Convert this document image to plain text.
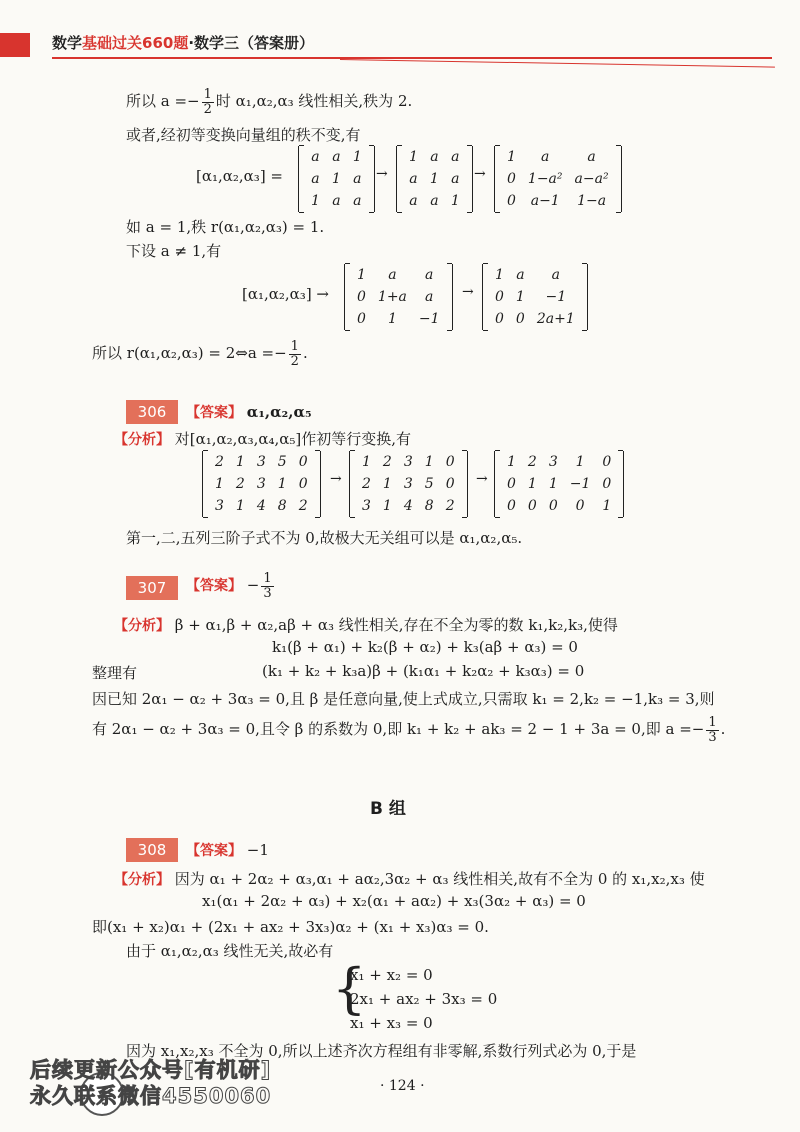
数学基础过关660题·数学三（答案册）
所以 $a =- \frac{1}{2}$ 时 α₁,α₂,α₃ 线性相关,秩为 2.
或者,经初等变换向量组的秩不变,有
[α₁,α₂,α₃] =
a	a	1
a	1	a
1	a	a
→
1	a	a
a	1	a
a	a	1
→
1	a	a
0	1−a²	a−a²
0	a−1	1−a
如 a = 1,秩 r(α₁,α₂,α₃) = 1.
下设 a ≠ 1,有
[α₁,α₂,α₃] →
1	a	a
0	1+a	a
0	1	−1
→
1	a	a
0	1	−1
0	0	2a+1
所以 r(α₁,α₂,α₃) = 2⇔a =− $\frac{1}{2}$ .
306	【答案】 α₁,α₂,α₅
【分析】 对[α₁,α₂,α₃,α₄,α₅]作初等行变换,有
2	1	3	5	0
1	2	3	1	0
3	1	4	8	2
→
1	2	3	1	0
2	1	3	5	0
3	1	4	8	2
→
1	2	3	1	0
0	1	1	−1	0
0	0	0	0	1
第一,二,五列三阶子式不为 0,故极大无关组可以是 α₁,α₂,α₅.
307	【答案】 − $\frac{1}{3}$
【分析】 β + α₁,β + α₂,aβ + α₃ 线性相关,存在不全为零的数 k₁,k₂,k₃,使得
k₁(β + α₁) + k₂(β + α₂) + k₃(aβ + α₃) = 0
整理有	(k₁ + k₂ + k₃a)β + (k₁α₁ + k₂α₂ + k₃α₃) = 0
因已知 2α₁ − α₂ + 3α₃ = 0,且 β 是任意向量,使上式成立,只需取 k₁ = 2,k₂ = −1,k₃ = 3,则
有 2α₁ − α₂ + 3α₃ = 0,且令 β 的系数为 0,即 k₁ + k₂ + ak₃ = 2 − 1 + 3a = 0,即 $a =- \frac{1}{3}$ .
B 组
308	【答案】 −1
【分析】 因为 α₁ + 2α₂ + α₃,α₁ + aα₂,3α₂ + α₃ 线性相关,故有不全为 0 的 x₁,x₂,x₃ 使
x₁(α₁ + 2α₂ + α₃) + x₂(α₁ + aα₂) + x₃(3α₂ + α₃) = 0
即(x₁ + x₂)α₁ + (2x₁ + ax₂ + 3x₃)α₂ + (x₁ + x₃)α₃ = 0.
由于 α₁,α₂,α₃ 线性无关,故必有
{
x₁ + x₂ = 0
2x₁ + ax₂ + 3x₃ = 0
x₁ + x₃ = 0
因为 x₁,x₂,x₃ 不全为 0,所以上述齐次方程组有非零解,系数行列式必为 0,于是
· 124 ·
后续更新公众号[有机研]
永久联系微信4550060
